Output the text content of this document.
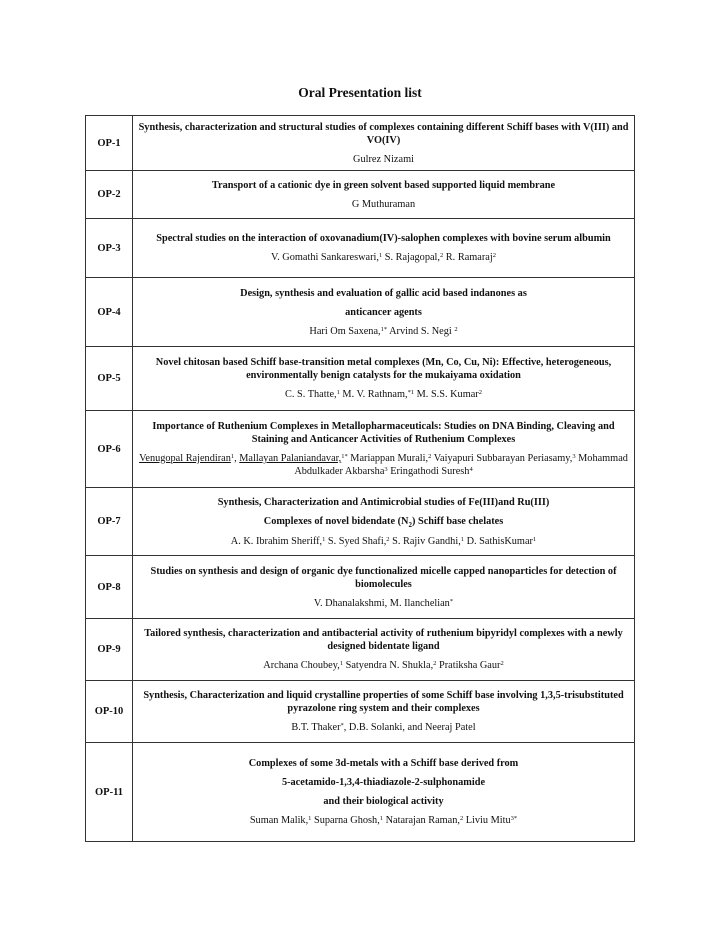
Oral Presentation list
OP-1	Synthesis, characterization and structural studies of complexes containing different Schiff bases with V(III) and VO(IV)
Gulrez Nizami

OP-2	Transport of a cationic dye in green solvent based supported liquid membrane
G Muthuraman

OP-3	Spectral studies on the interaction of oxovanadium(IV)-salophen complexes with bovine serum albumin
V. Gomathi Sankareswari,$^1$ S. Rajagopal,$^2$ R. Ramaraj$^2$

OP-4	Design, synthesis and evaluation of gallic acid based indanones as
anticancer agents
Hari Om Saxena,$^{1*}$ Arvind S. Negi $^2$

OP-5	Novel chitosan based Schiff base-transition metal complexes (Mn, Co, Cu, Ni): Effective, heterogeneous, environmentally benign catalysts for the mukaiyama oxidation
C. S. Thatte,$^1$ M. V. Rathnam,$^{*1}$ M. S.S. Kumar$^2$

OP-6	Importance of Ruthenium Complexes in Metallopharmaceuticals: Studies on DNA Binding, Cleaving and Staining and Anticancer Activities of Ruthenium Complexes
Venugopal Rajendiran$^1$, Mallayan Palaniandavar,$^{1*}$ Mariappan Murali,$^2$ Vaiyapuri Subbarayan Periasamy,$^3$ Mohammad Abdulkader Akbarsha$^3$ Eringathodi Suresh$^4$

OP-7	Synthesis, Characterization and Antimicrobial studies of Fe(III)and Ru(III)
Complexes of novel bidendate $(N_2)$ Schiff base chelates
A. K. Ibrahim Sheriff,$^1$ S. Syed Shafi,$^2$ S. Rajiv Gandhi,$^1$ D. SathisKumar$^1$

OP-8	Studies on synthesis and design of organic dye functionalized micelle capped nanoparticles for detection of biomolecules
V. Dhanalakshmi, M. Ilanchelian*

OP-9	Tailored synthesis, characterization and antibacterial activity of ruthenium bipyridyl complexes with a newly designed bidentate ligand
Archana Choubey,$^1$ Satyendra N. Shukla,$^2$ Pratiksha Gaur$^2$

OP-10	Synthesis, Characterization and liquid crystalline properties of some Schiff base involving 1,3,5-trisubstituted pyrazolone ring system and their complexes
B.T. Thaker*, D.B. Solanki, and Neeraj Patel

OP-11	Complexes of some 3d-metals with a Schiff base derived from
5-acetamido-1,3,4-thiadiazole-2-sulphonamide
and their biological activity
Suman Malik,$^1$ Suparna Ghosh,$^1$ Natarajan Raman,$^2$ Liviu Mitu$^{3*}$
